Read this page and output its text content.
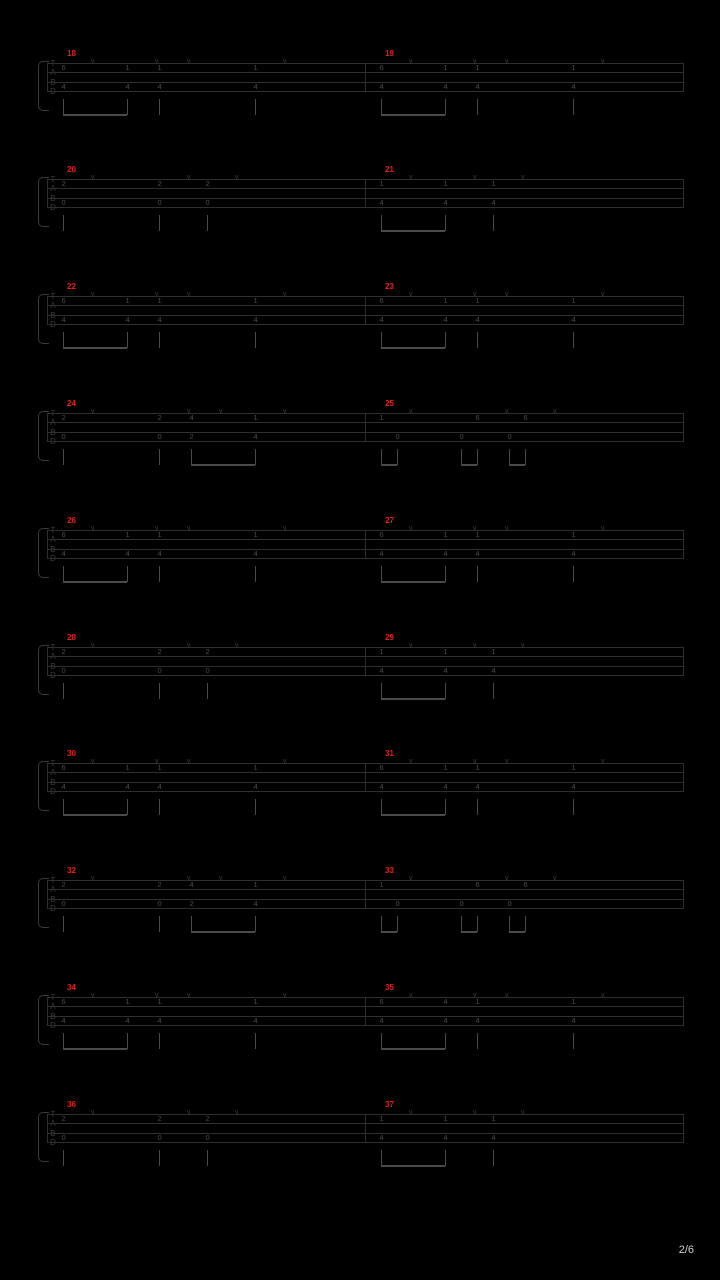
18
6	1	1	1
4	4	4	4
v	v	v	v
19
6	1	1	1
4	4	4	4
v	v	v	v
20
2	2	2
0	0	0
v	v	v
21
1	1	1
4	4	4
v	v	v
22
6	1	1	1
4	4	4	4
v	v	v	v
23
6	1	1	1
4	4	4	4
v	v	v	v
24
2	2	4	1
0	0	2	4
v	v	v	v
25
1	6	6
0	0	0
v	v	v
26
6	1	1	1
4	4	4	4
v	v	v	v
27
6	1	1	1
4	4	4	4
v	v	v	v
28
2	2	2
0	0	0
v	v	v
29
1	1	1
4	4	4
v	v	v
30
6	1	1	1
4	4	4	4
v	v	v	v
31
6	1	1	1
4	4	4	4
v	v	v	v
32
2	2	4	1
0	0	2	4
v	v	v	v
33
1	6	6
0	0	0
v	v	v
34
6	1	1	1
4	4	4	4
v	v	v	v
35
6	4	1	1
4	4	4	4
v	v	v	v
36
2	2	2
0	0	0
v	v	v
37
1	1	1
4	4	4
v	v	v
2/6
